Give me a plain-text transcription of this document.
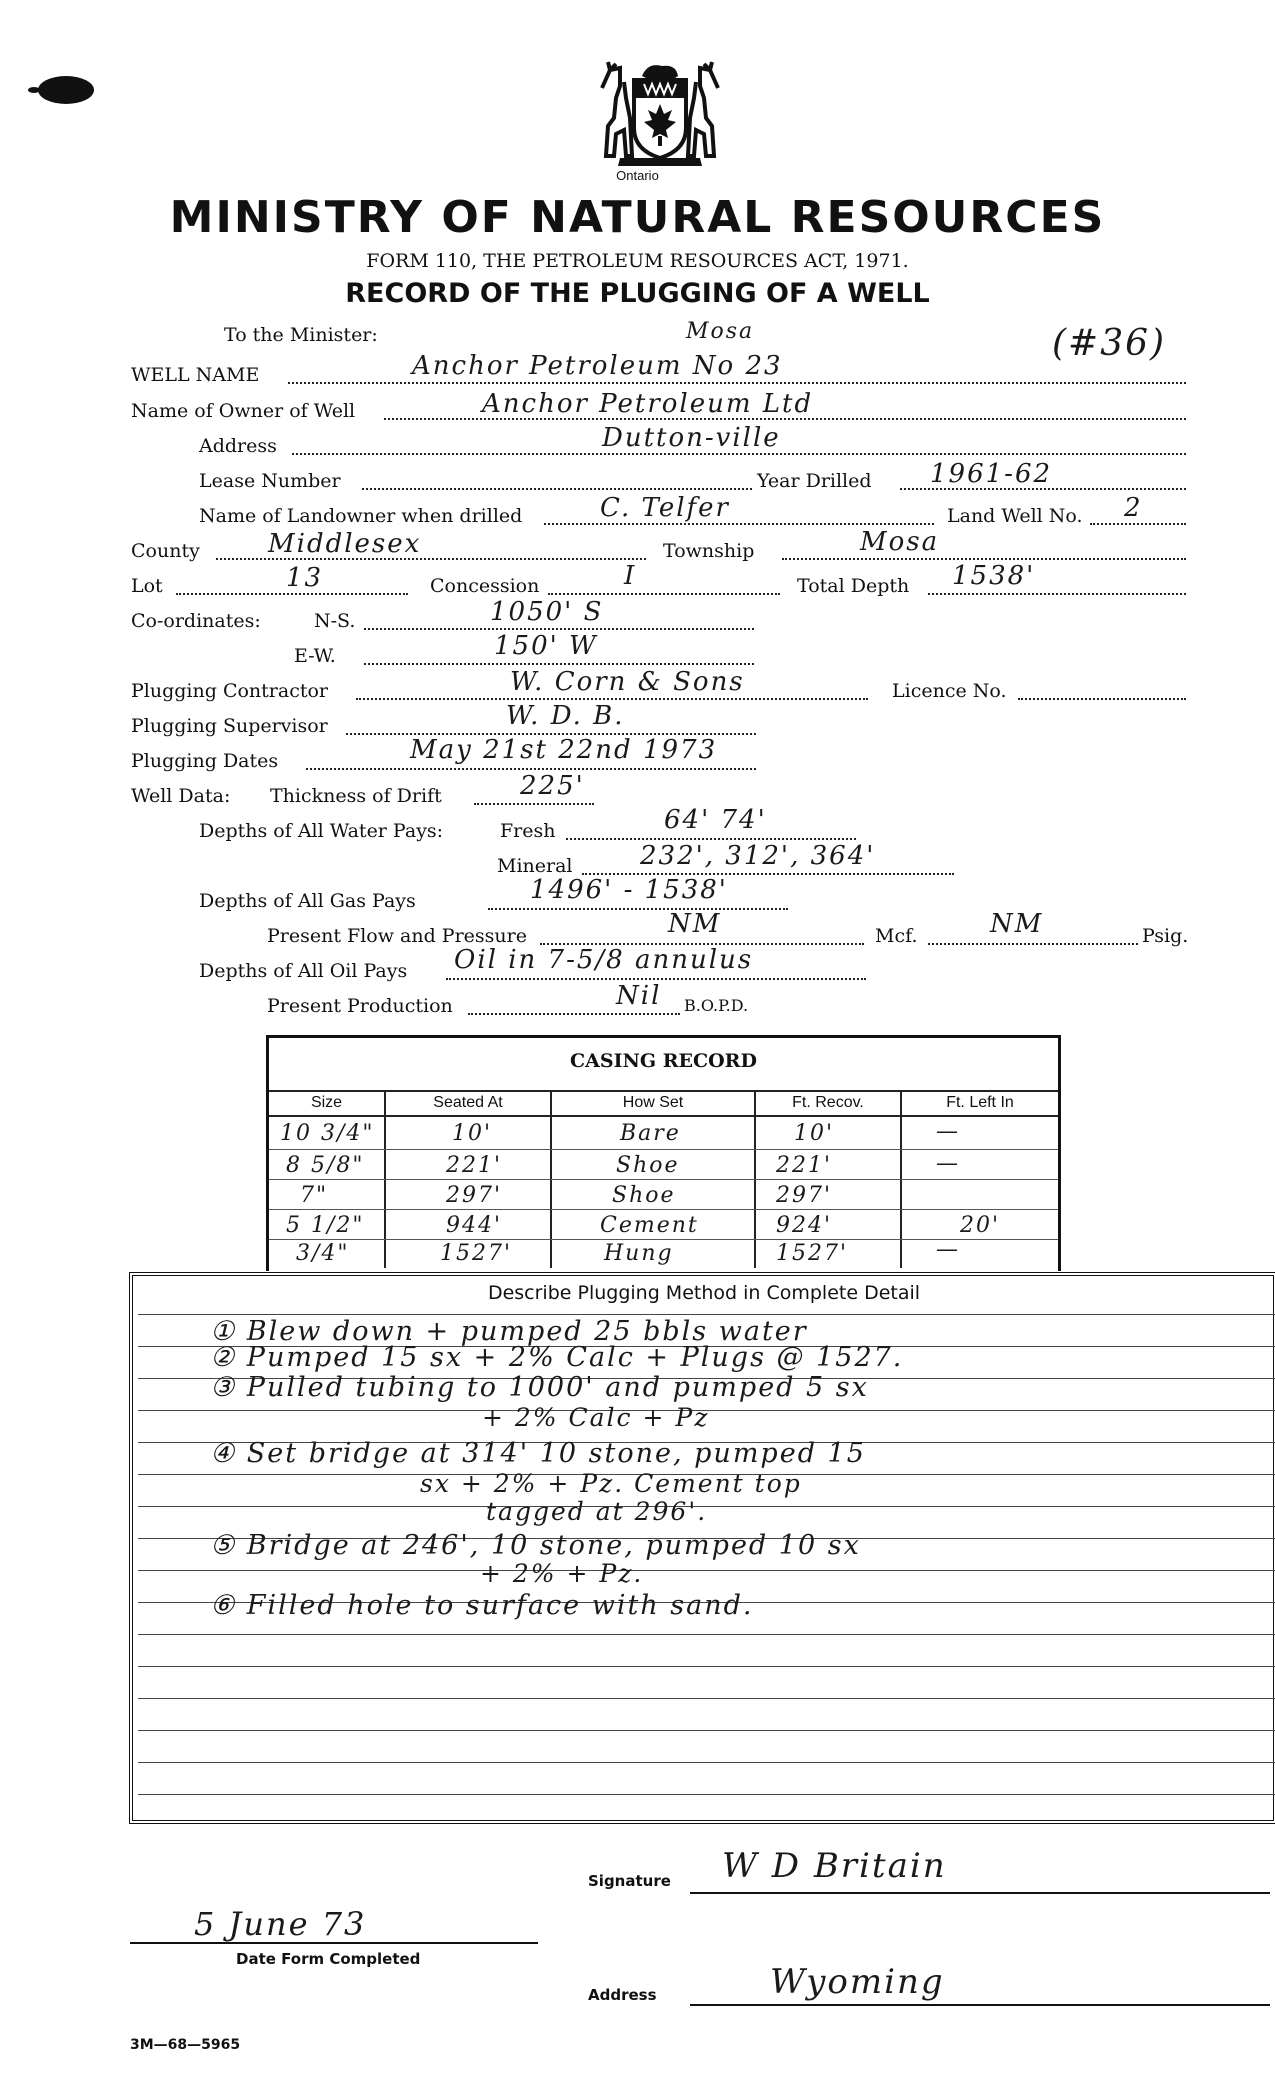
Ontario
MINISTRY OF NATURAL RESOURCES
FORM 110, THE PETROLEUM RESOURCES ACT, 1971.
RECORD OF THE PLUGGING OF A WELL
To the Minister:
WELL NAME	Anchor Petroleum No 23
Mosa	(#36)
Name of Owner of Well	Anchor Petroleum Ltd
Address	Dutton-ville
Lease Number	Year Drilled 1961-62
Name of Landowner when drilled	C. Telfer	Land Well No. 2
County	Middlesex	Township	Mosa
Lot	13	Concession	I	Total Depth 1538'
Co-ordinates:	N-S.	1050' S
E-W.	150' W
Plugging Contractor	W. Corn & Sons	Licence No.
Plugging Supervisor	W. D. B.
Plugging Dates	May 21st 22nd 1973
Well Data: Thickness of Drift	225'
Depths of All Water Pays:	Fresh	64' 74'
Mineral	232', 312', 364'
Depths of All Gas Pays	1496' - 1538'
Present Flow and Pressure	NM	Mcf.	NM	Psig.
Depths of All Oil Pays Oil in 7-5/8 annulus
Present Production	Nil B.O.P.D.
CASING RECORD
Size	Seated At	How Set	Ft. Recov.	Ft. Left In
10 3/4"	10'	Bare	10'	—
8 5/8"	221'	Shoe	221'	—
7"	297'	Shoe	297'
5 1/2"	944'	Cement	924'	20'
3/4"	1527'	Hung	1527'	—
Describe Plugging Method in Complete Detail
① Blew down + pumped 25 bbls water
② Pumped 15 sx + 2% Calc + Plugs @ 1527.
③ Pulled tubing to 1000' and pumped 5 sx
+ 2% Calc + Pz
④ Set bridge at 314' 10 stone, pumped 15
sx + 2% + Pz. Cement top
tagged at 296'.
⑤ Bridge at 246', 10 stone, pumped 10 sx
+ 2% + Pz.
⑥ Filled hole to surface with sand.
Signature W D Britain
5 June 73
Date Form Completed
Address	Wyoming
3M—68—5965
